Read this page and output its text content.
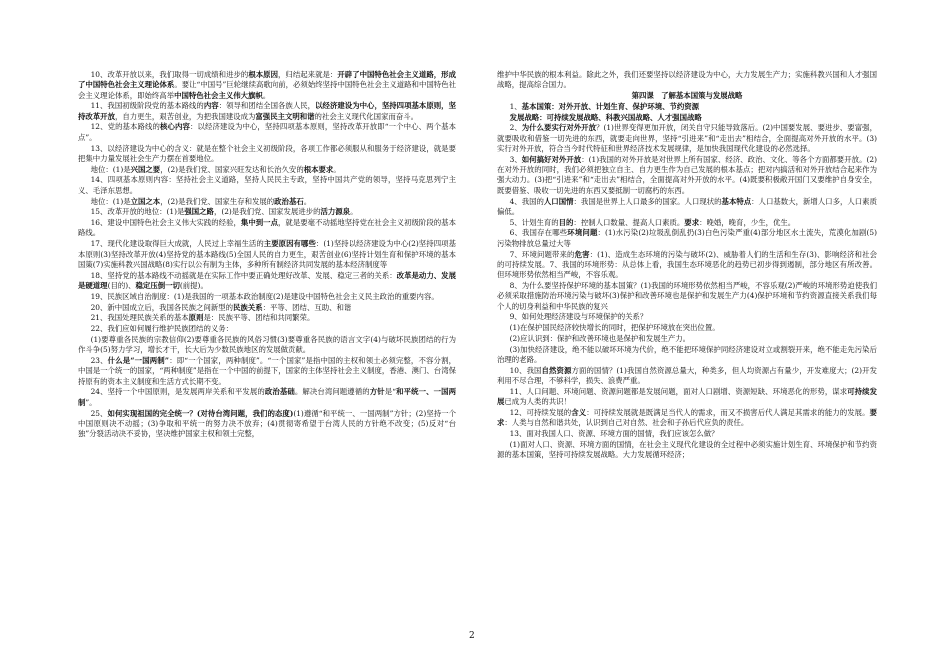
10、改革开放以来，我们取得一切成绩和进步的根本原因，归结起来就是：开辟了中国特色社会主义道路，形成了中国特色社会主义理论体系。要让“中国号”巨轮继续高歌向前，必须始终坚持中国特色社会主义道路和中国特色社会主义理论体系，即始终高举中国特色社会主义伟大旗帜。

11、我国初级阶段党的基本路线的内容：领导和团结全国各族人民，以经济建设为中心，坚持四项基本原则，坚持改革开放，自力更生，艰苦创业，为把我国建设成为富强民主文明和谐的社会主义现代化国家而奋斗。

12、党的基本路线的核心内容：以经济建设为中心，坚持四项基本原则，坚持改革开放即“一个中心、两个基本点”。

13、以经济建设为中心的含义：就是在整个社会主义初级阶段，各项工作都必须服从和服务于经济建设，就是要把集中力量发展社会生产力摆在首要地位。

地位：(1)是兴国之要，(2)是我们党、国家兴旺发达和长治久安的根本要求。

14、四项基本原则内容：坚持社会主义道路，坚持人民民主专政，坚持中国共产党的领导，坚持马克思列宁主义、毛泽东思想。

地位：(1)是立国之本，(2)是我们党、国家生存和发展的政治基石。

15、改革开放的地位：(1)是强国之路，(2)是我们党、国家发展进步的活力源泉。

16、建设中国特色社会主义伟大实践的经验，集中到一点，就是要毫不动摇地坚持党在社会主义初级阶段的基本路线。

17、现代化建设取得巨大成就，人民过上幸福生活的主要原因有哪些：(1)坚持以经济建设为中心(2)坚持四项基本原则(3)坚持改革开放(4)坚持党的基本路线(5)全国人民的自力更生，艰苦创业(6)坚持计划生育和保护环境的基本国策(7)实施科教兴国战略(8)实行以公有制为主体，多种所有制经济共同发展的基本经济制度等

18、坚持党的基本路线不动摇就是在实际工作中要正确处理好改革、发展、稳定三者的关系：改革是动力、发展是硬道理(目的)、稳定压倒一切(前提)。

19、民族区域自治制度：(1)是我国的一项基本政治制度(2)是建设中国特色社会主义民主政治的重要内容。

20、新中国成立后，我国各民族之间新型的民族关系：平等、团结、互助、和谐

21、我国处理民族关系的基本原则是：民族平等、团结和共同繁荣。

22、我们应如何履行维护民族团结的义务：

(1)要尊重各民族的宗教信仰(2)要尊重各民族的风俗习惯(3)要尊重各民族的语言文字(4)与破坏民族团结的行为作斗争(5)努力学习，增长才干，长大后为少数民族地区的发展做贡献。

23、什么是“一国两制”：即“一个国家，两种制度”。“一个国家”是指中国的主权和领土必须完整，不容分割，中国是一个统一的国家，“两种制度”是指在一个中国的前提下，国家的主体坚持社会主义制度，香港、澳门、台湾保持原有的资本主义制度和生活方式长期不变。

24、坚持一个中国原则，是发展两岸关系和平发展的政治基础。解决台湾问题遵循的方针是“和平统一、一国两制”。

25、如何实现祖国的完全统一？(对待台湾问题，我们的态度)(1)遵循“和平统一、一国两制”方针；(2)坚持一个中国原则决不动摇；(3)争取和平统一的努力决不放弃；(4)贯彻寄希望于台湾人民的方针绝不改变；(5)反对“台独”分裂活动决不妥协，坚决维护国家主权和领土完整，

维护中华民族的根本利益。除此之外，我们还要坚持以经济建设为中心，大力发展生产力；实施科教兴国和人才强国战略，提高综合国力。

第四课　了解基本国策与发展战略

1、基本国策：对外开放、计划生育、保护环境、节约资源

发展战略：可持续发展战略、科教兴国战略、人才强国战略

2、为什么要实行对外开放？(1)世界变得更加开放，闭关自守只能导致落后。(2)中国要发展、要进步、要富强，就要吸收和借鉴一切先进的东西，就要走向世界，坚持“引进来”和“走出去”相结合，全面提高对外开放的水平。(3)实行对外开放，符合当今时代特征和世界经济技术发展规律，是加快我国现代化建设的必然选择。

3、如何搞好对外开放：(1)我国的对外开放是对世界上所有国家、经济、政治、文化、等各个方面都要开放。(2)在对外开放的同时，我们必须把独立自主、自力更生作为自己发展的根本基点；把对内搞活和对外开放结合起来作为强大动力。(3)把“引进来”和“走出去”相结合，全面提高对外开放的水平。(4)既要积极敞开国门又要维护自身安全，既要借鉴、吸收一切先进的东西又要抵制一切腐朽的东西。

4、我国的人口国情：我国是世界上人口最多的国家。人口现状的基本特点：人口基数大，新增人口多，人口素质偏低。

5、计划生育的目的：控制人口数量、提高人口素质。要求：晚婚，晚育，少生，优生。

6、我国存在哪些环境问题：(1)水污染(2)垃圾乱倒乱扔(3)白色污染严重(4)部分地区水土流失，荒漠化加剧(5)污染物排放总量过大等

7、环境问题带来的危害：(1)、造成生态环境的污染与破坏(2)、威胁着人们的生活和生存(3)、影响经济和社会的可持续发展。7、我国的环境形势：从总体上看，我国生态环境恶化的趋势已初步得到遏制，部分地区有所改善。但环境形势依然相当严峻，不容乐观。

8、为什么要坚持保护环境的基本国策？(1)我国的环境形势依然相当严峻，不容乐观(2)严峻的环境形势迫使我们必须采取措施防治环境污染与破坏(3)保护和改善环境也是保护和发展生产力(4)保护环境和节约资源直接关系我们每个人的切身利益和中华民族的复兴

9、如何处理经济建设与环境保护的关系？

(1)在保护国民经济较快增长的同时，把保护环境放在突出位置。

(2)应认识到：保护和改善环境也是保护和发展生产力。

(3)加快经济建设，绝不能以破坏环境为代价，绝不能把环境保护同经济建设对立或割裂开来，绝不能走先污染后治理的老路。

10、我国自然资源方面的国情？(1)我国自然资源总量大，种类多，但人均资源占有量少，开发难度大；(2)开发利用不尽合理，不够科学，损失、浪费严重。

11、人口问题、环境问题、资源问题都是发展问题，面对人口剧增、资源短缺、环境恶化的形势，谋求可持续发展已成为人类的共识！

12、可持续发展的含义：可持续发展就是既满足当代人的需求，而又不损害后代人满足其需求的能力的发展。要求：人类与自然和谐共处，认识到自己对自然、社会和子孙后代应负的责任。

13、面对我国人口、资源、环境方面的国情，我们应该怎么做？

(1)面对人口、资源、环境方面的国情，在社会主义现代化建设的全过程中必须实施计划生育、环境保护和节约资源的基本国策，坚持可持续发展战略。大力发展循环经济；

2
